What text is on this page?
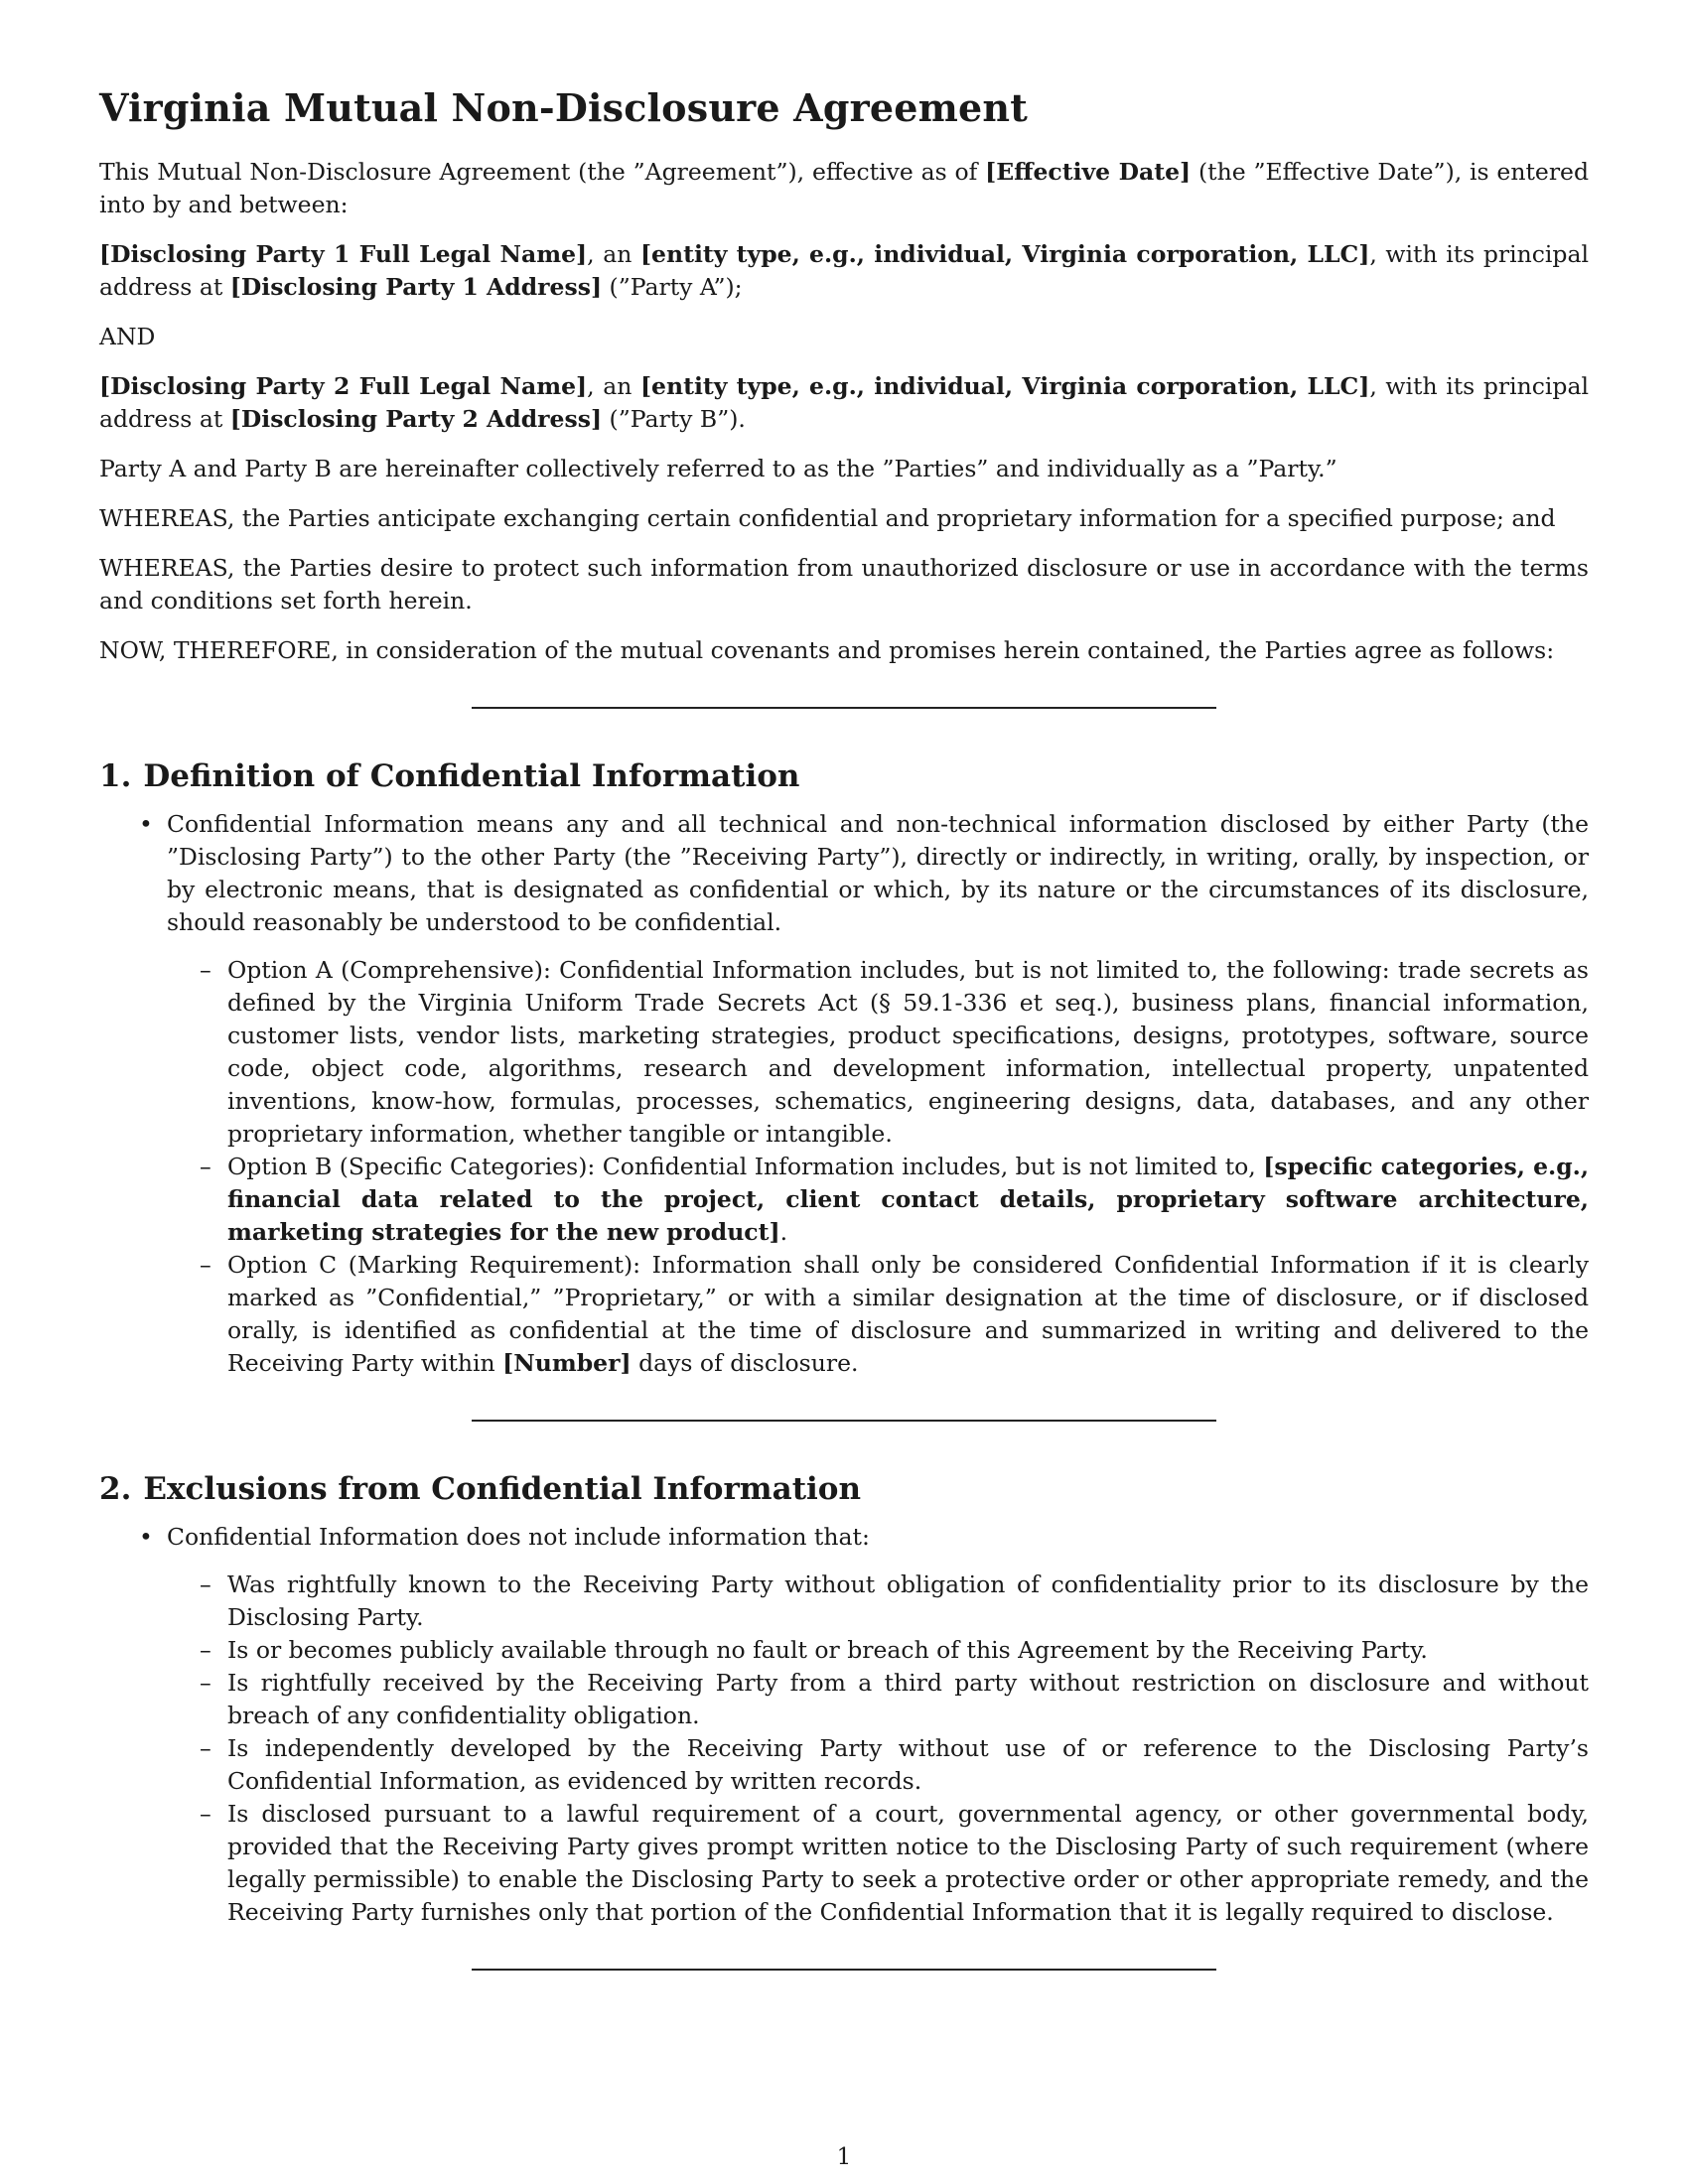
Virginia Mutual Non-Disclosure Agreement

This Mutual Non-Disclosure Agreement (the ”Agreement”), effective as of [Effective Date] (the ”Effective Date”), is entered into by and between:

[Disclosing Party 1 Full Legal Name], an [entity type, e.g., individual, Virginia corporation, LLC], with its principal address at [Disclosing Party 1 Address] (”Party A”);

AND

[Disclosing Party 2 Full Legal Name], an [entity type, e.g., individual, Virginia corporation, LLC], with its principal address at [Disclosing Party 2 Address] (”Party B”).

Party A and Party B are hereinafter collectively referred to as the ”Parties” and individually as a ”Party.”

WHEREAS, the Parties anticipate exchanging certain confidential and proprietary information for a specified purpose; and

WHEREAS, the Parties desire to protect such information from unauthorized disclosure or use in accordance with the terms and conditions set forth herein.

NOW, THEREFORE, in consideration of the mutual covenants and promises herein contained, the Parties agree as follows:

1. Definition of Confidential Information
• Confidential Information means any and all technical and non-technical information disclosed by either Party (the ”Disclosing Party”) to the other Party (the ”Receiving Party”), directly or indirectly, in writing, orally, by inspection, or by electronic means, that is designated as confidential or which, by its nature or the circumstances of its disclosure, should reasonably be understood to be confidential.
– Option A (Comprehensive): Confidential Information includes, but is not limited to, the following: trade secrets as defined by the Virginia Uniform Trade Secrets Act (§ 59.1-336 et seq.), business plans, financial information, customer lists, vendor lists, marketing strategies, product specifications, designs, prototypes, software, source code, object code, algorithms, research and development information, intellectual property, unpatented inventions, know-how, formulas, processes, schematics, engineering designs, data, databases, and any other proprietary information, whether tangible or intangible.
– Option B (Specific Categories): Confidential Information includes, but is not limited to, [specific categories, e.g., financial data related to the project, client contact details, proprietary software architecture, marketing strategies for the new product].
– Option C (Marking Requirement): Information shall only be considered Confidential Information if it is clearly marked as ”Confidential,” ”Proprietary,” or with a similar designation at the time of disclosure, or if disclosed orally, is identified as confidential at the time of disclosure and summarized in writing and delivered to the Receiving Party within [Number] days of disclosure.
2. Exclusions from Confidential Information
• Confidential Information does not include information that:
– Was rightfully known to the Receiving Party without obligation of confidentiality prior to its disclosure by the Disclosing Party.
– Is or becomes publicly available through no fault or breach of this Agreement by the Receiving Party.
– Is rightfully received by the Receiving Party from a third party without restriction on disclosure and without breach of any confidentiality obligation.
– Is independently developed by the Receiving Party without use of or reference to the Disclosing Party’s Confidential Information, as evidenced by written records.
– Is disclosed pursuant to a lawful requirement of a court, governmental agency, or other governmental body, provided that the Receiving Party gives prompt written notice to the Disclosing Party of such requirement (where legally permissible) to enable the Disclosing Party to seek a protective order or other appropriate remedy, and the Receiving Party furnishes only that portion of the Confidential Information that it is legally required to disclose.
1
